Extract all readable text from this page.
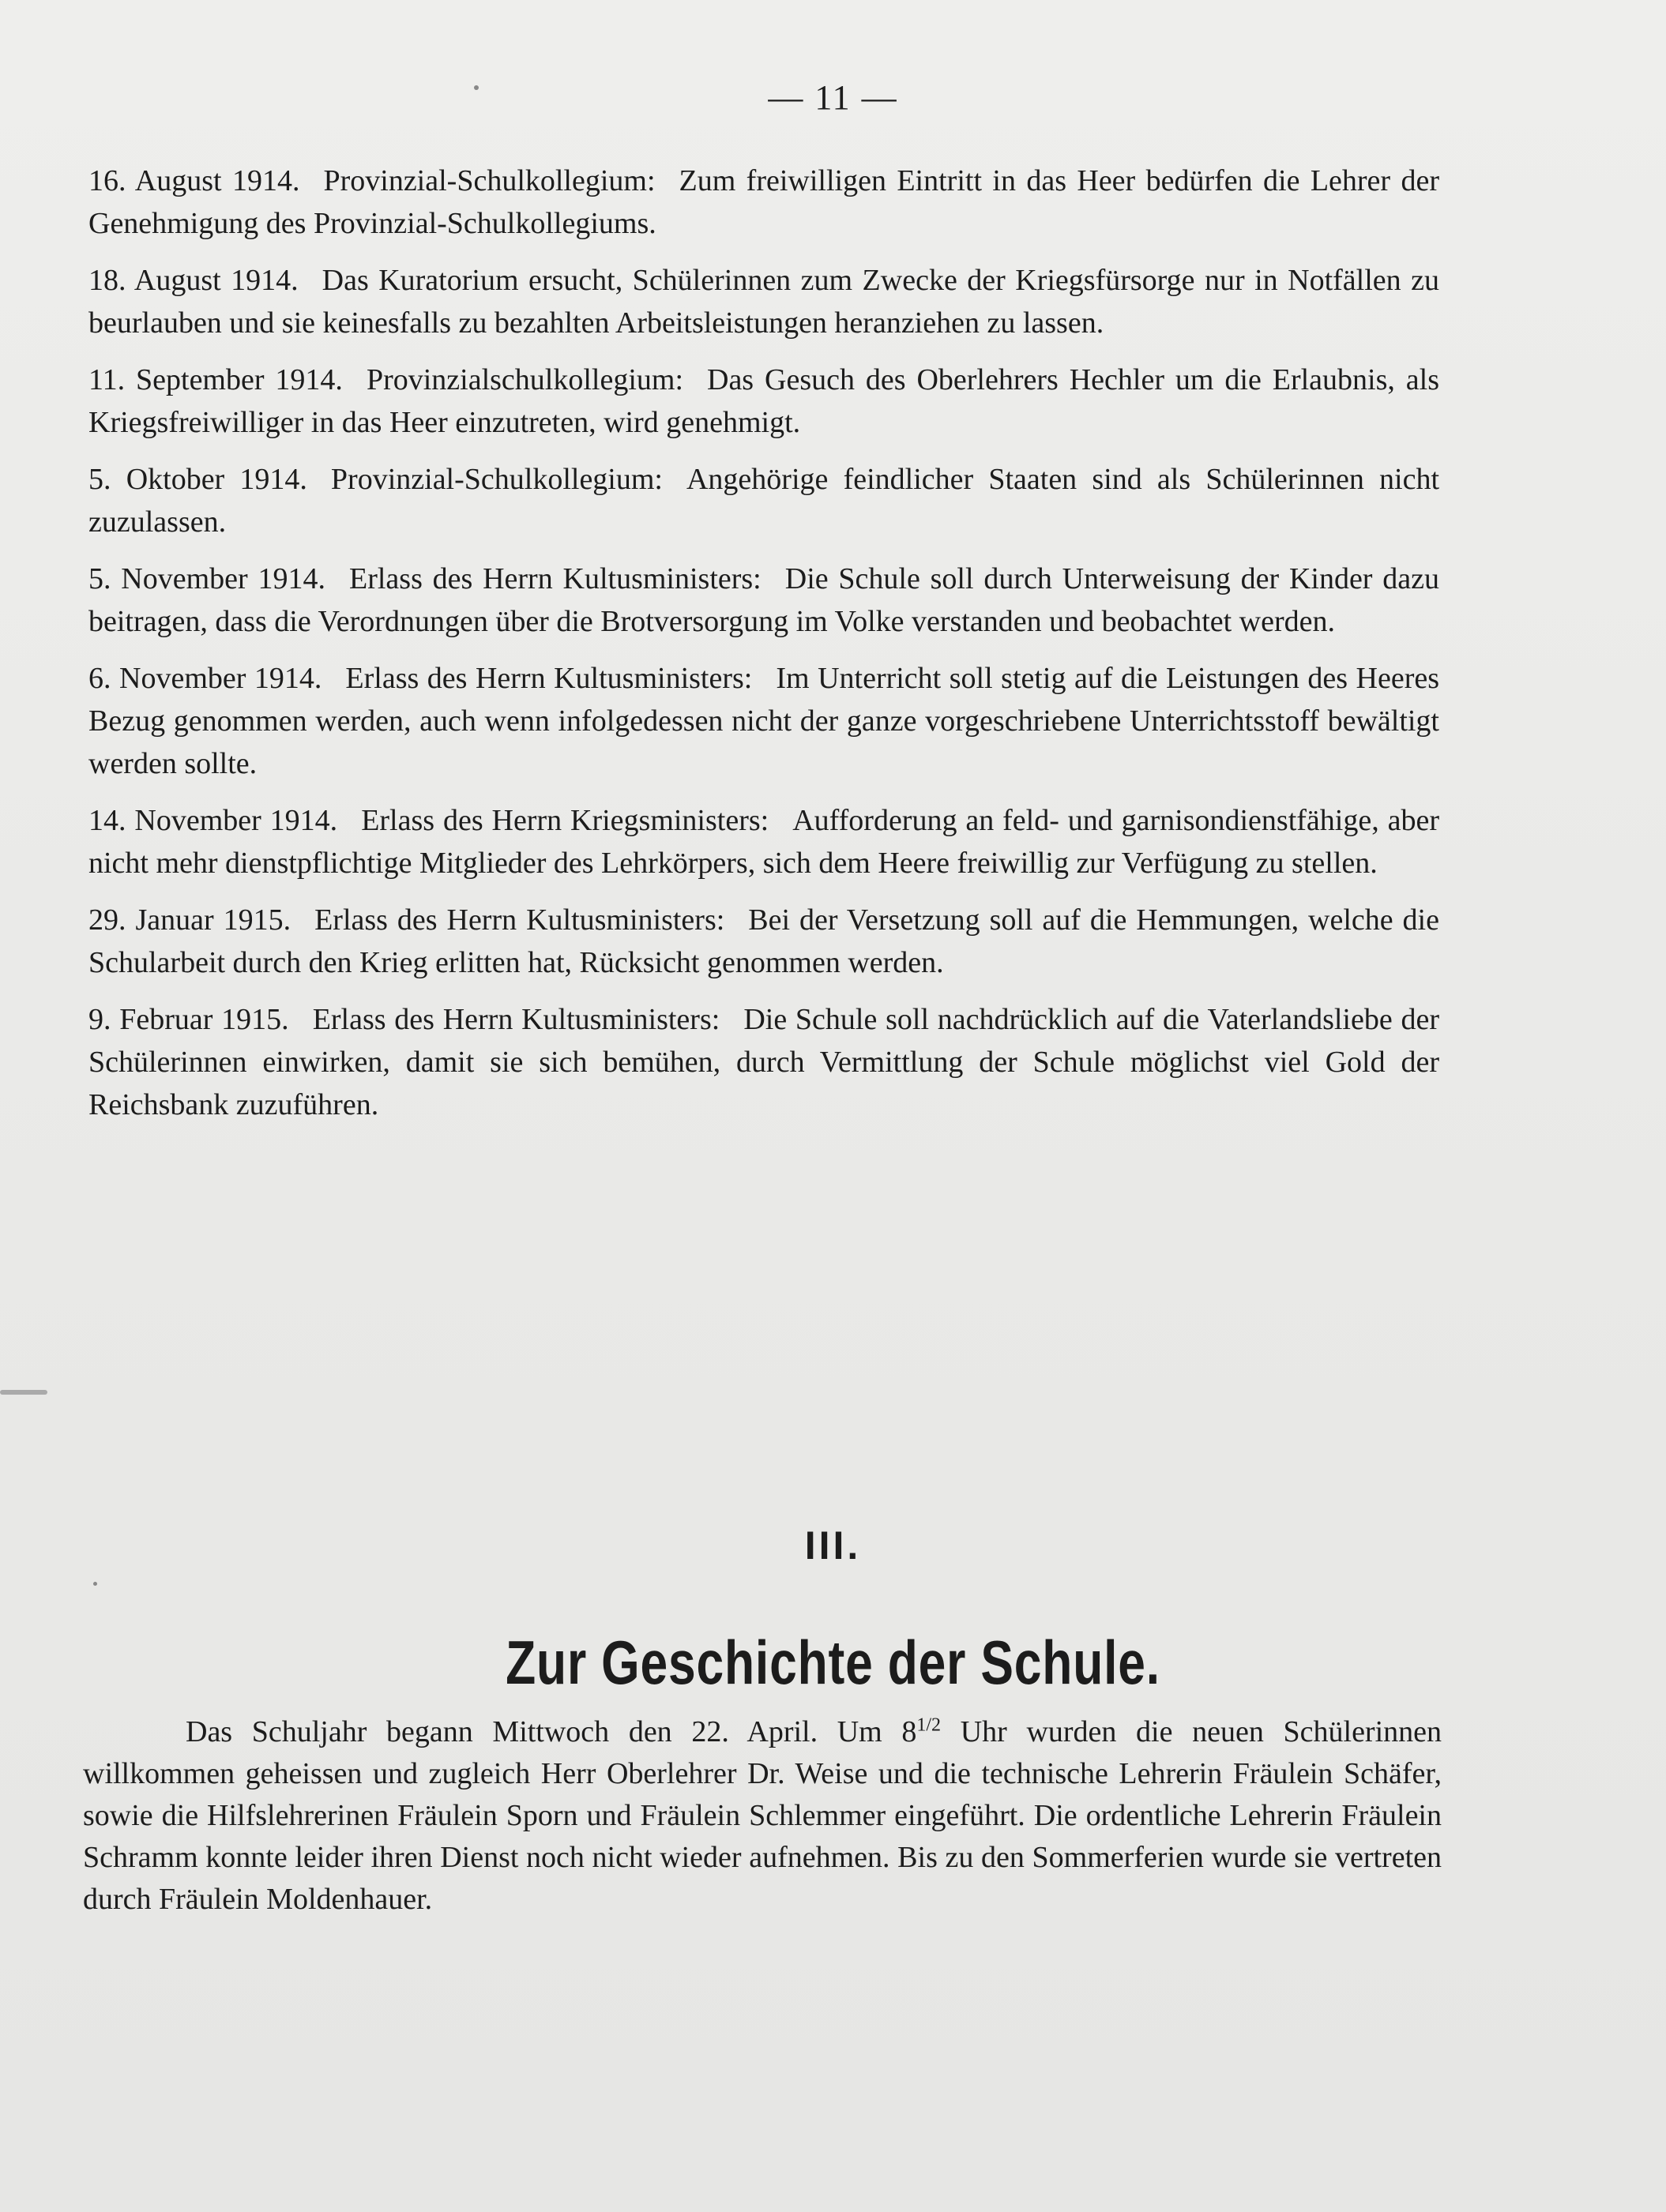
— 11 —
16. August 1914. Provinzial-Schulkollegium: Zum freiwilligen Eintritt in das Heer bedürfen die Lehrer der Genehmigung des Provinzial-Schulkollegiums.
18. August 1914. Das Kuratorium ersucht, Schülerinnen zum Zwecke der Kriegsfürsorge nur in Notfällen zu beurlauben und sie keinesfalls zu bezahlten Arbeitsleistungen heranziehen zu lassen.
11. September 1914. Provinzialschulkollegium: Das Gesuch des Oberlehrers Hechler um die Erlaubnis, als Kriegsfreiwilliger in das Heer einzutreten, wird genehmigt.
5. Oktober 1914. Provinzial-Schulkollegium: Angehörige feindlicher Staaten sind als Schülerinnen nicht zuzulassen.
5. November 1914. Erlass des Herrn Kultusministers: Die Schule soll durch Unterweisung der Kinder dazu beitragen, dass die Verordnungen über die Brotversorgung im Volke verstanden und beobachtet werden.
6. November 1914. Erlass des Herrn Kultusministers: Im Unterricht soll stetig auf die Leistungen des Heeres Bezug genommen werden, auch wenn infolgedessen nicht der ganze vorgeschriebene Unterrichtsstoff bewältigt werden sollte.
14. November 1914. Erlass des Herrn Kriegsministers: Aufforderung an feld- und garnisondienstfähige, aber nicht mehr dienstpflichtige Mitglieder des Lehrkörpers, sich dem Heere freiwillig zur Verfügung zu stellen.
29. Januar 1915. Erlass des Herrn Kultusministers: Bei der Versetzung soll auf die Hemmungen, welche die Schularbeit durch den Krieg erlitten hat, Rücksicht genommen werden.
9. Februar 1915. Erlass des Herrn Kultusministers: Die Schule soll nachdrücklich auf die Vaterlandsliebe der Schülerinnen einwirken, damit sie sich bemühen, durch Vermittlung der Schule möglichst viel Gold der Reichsbank zuzuführen.
III.
Zur Geschichte der Schule.
Das Schuljahr begann Mittwoch den 22. April. Um $8^{1/2}$ Uhr wurden die neuen Schülerinnen willkommen geheissen und zugleich Herr Oberlehrer Dr. Weise und die technische Lehrerin Fräulein Schäfer, sowie die Hilfslehrerinen Fräulein Sporn und Fräulein Schlemmer eingeführt. Die ordentliche Lehrerin Fräulein Schramm konnte leider ihren Dienst noch nicht wieder aufnehmen. Bis zu den Sommerferien wurde sie vertreten durch Fräulein Moldenhauer.
